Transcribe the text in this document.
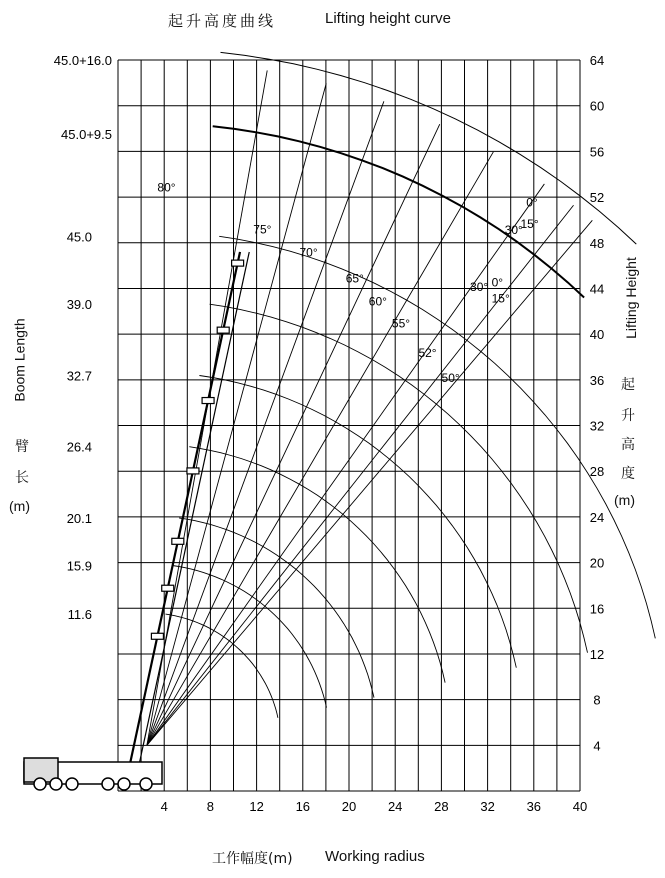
4	8	12 16 20 24 28 32 36 40
4
8
12
16
20
24
28
32
36
40
44
48
52
56
60
64
80°
75°
70°
65°
60°
55°
52°
50°
11.6
15.9
20.1
26.4
32.7
39.0
45.0
45.0+9.5
0°
15°
30°
45.0+16.0
0°
15°
30°
起升高度曲线	Lifting height curve
工作幅度(m) Working radius
Boom Length
臂
长
(m)
Lifting Height
起
升
高
度
(m)
